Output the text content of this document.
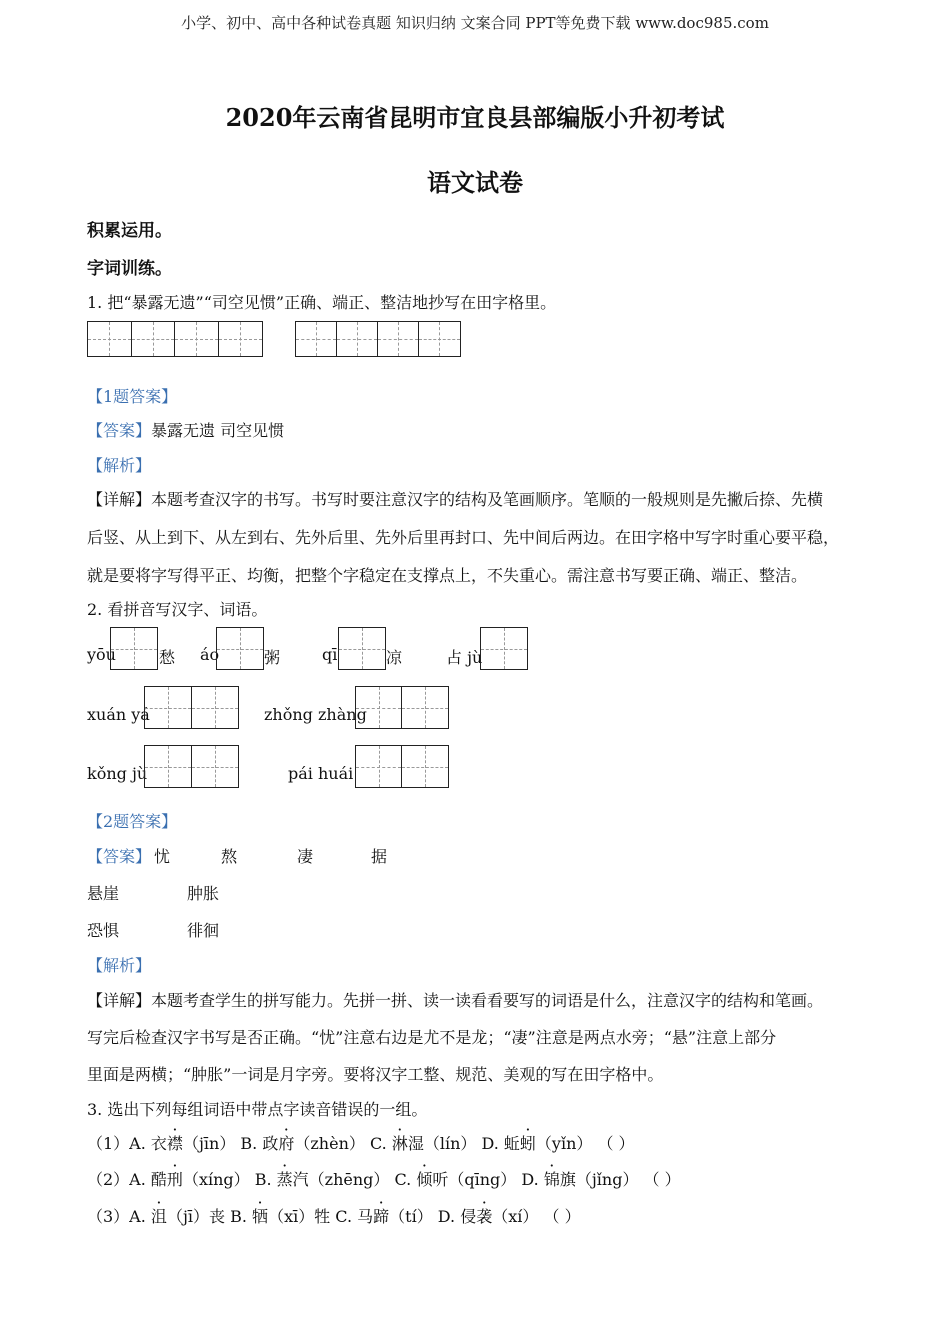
小学、初中、高中各种试卷真题 知识归纳 文案合同 PPT等免费下载 www.doc985.com
2020年云南省昆明市宜良县部编版小升初考试
语文试卷
积累运用。
字词训练。
1. 把“暴露无遗”“司空见惯”正确、端正、整洁地抄写在田字格里。
【1题答案】
【答案】暴露无遗 司空见惯
【解析】
【详解】本题考查汉字的书写。书写时要注意汉字的结构及笔画顺序。笔顺的一般规则是先撇后捺、先横
后竖、从上到下、从左到右、先外后里、先外后里再封口、先中间后两边。在田字格中写字时重心要平稳，
就是要将字写得平正、均衡，把整个字稳定在支撑点上，不失重心。需注意书写要正确、端正、整洁。
2. 看拼音写汉字、词语。
yōu	愁 áo	粥	qī	凉	占 jù
xuán yá	zhǒng zhàng
kǒng jù	pái huái
【2题答案】
【答案】 忧	熬	凄	据
悬崖	肿胀
恐惧	徘徊
【解析】
【详解】本题考查学生的拼写能力。先拼一拼、读一读看看要写的词语是什么，注意汉字的结构和笔画。
写完后检查汉字书写是否正确。“忧”注意右边是尤不是龙；“凄”注意是两点水旁；“悬”注意上部分
里面是两横；“肿胀”一词是月字旁。要将汉字工整、规范、美观的写在田字格中。
3. 选出下列每组词语中带点字读音错误的一组。
（1）A. 衣襟（jīn） B. 政府（zhèn） C. 淋湿（lín） D. 蚯蚓（yǐn） （ ）
（2）A. 酷刑（xíng） B. 蒸汽（zhēng） C. 倾听（qīng） D. 锦旗（jǐng） （ ）
（3）A. 沮（jī）丧 B. 牺（xī）牲 C. 马蹄（tí） D. 侵袭（xí） （ ）
